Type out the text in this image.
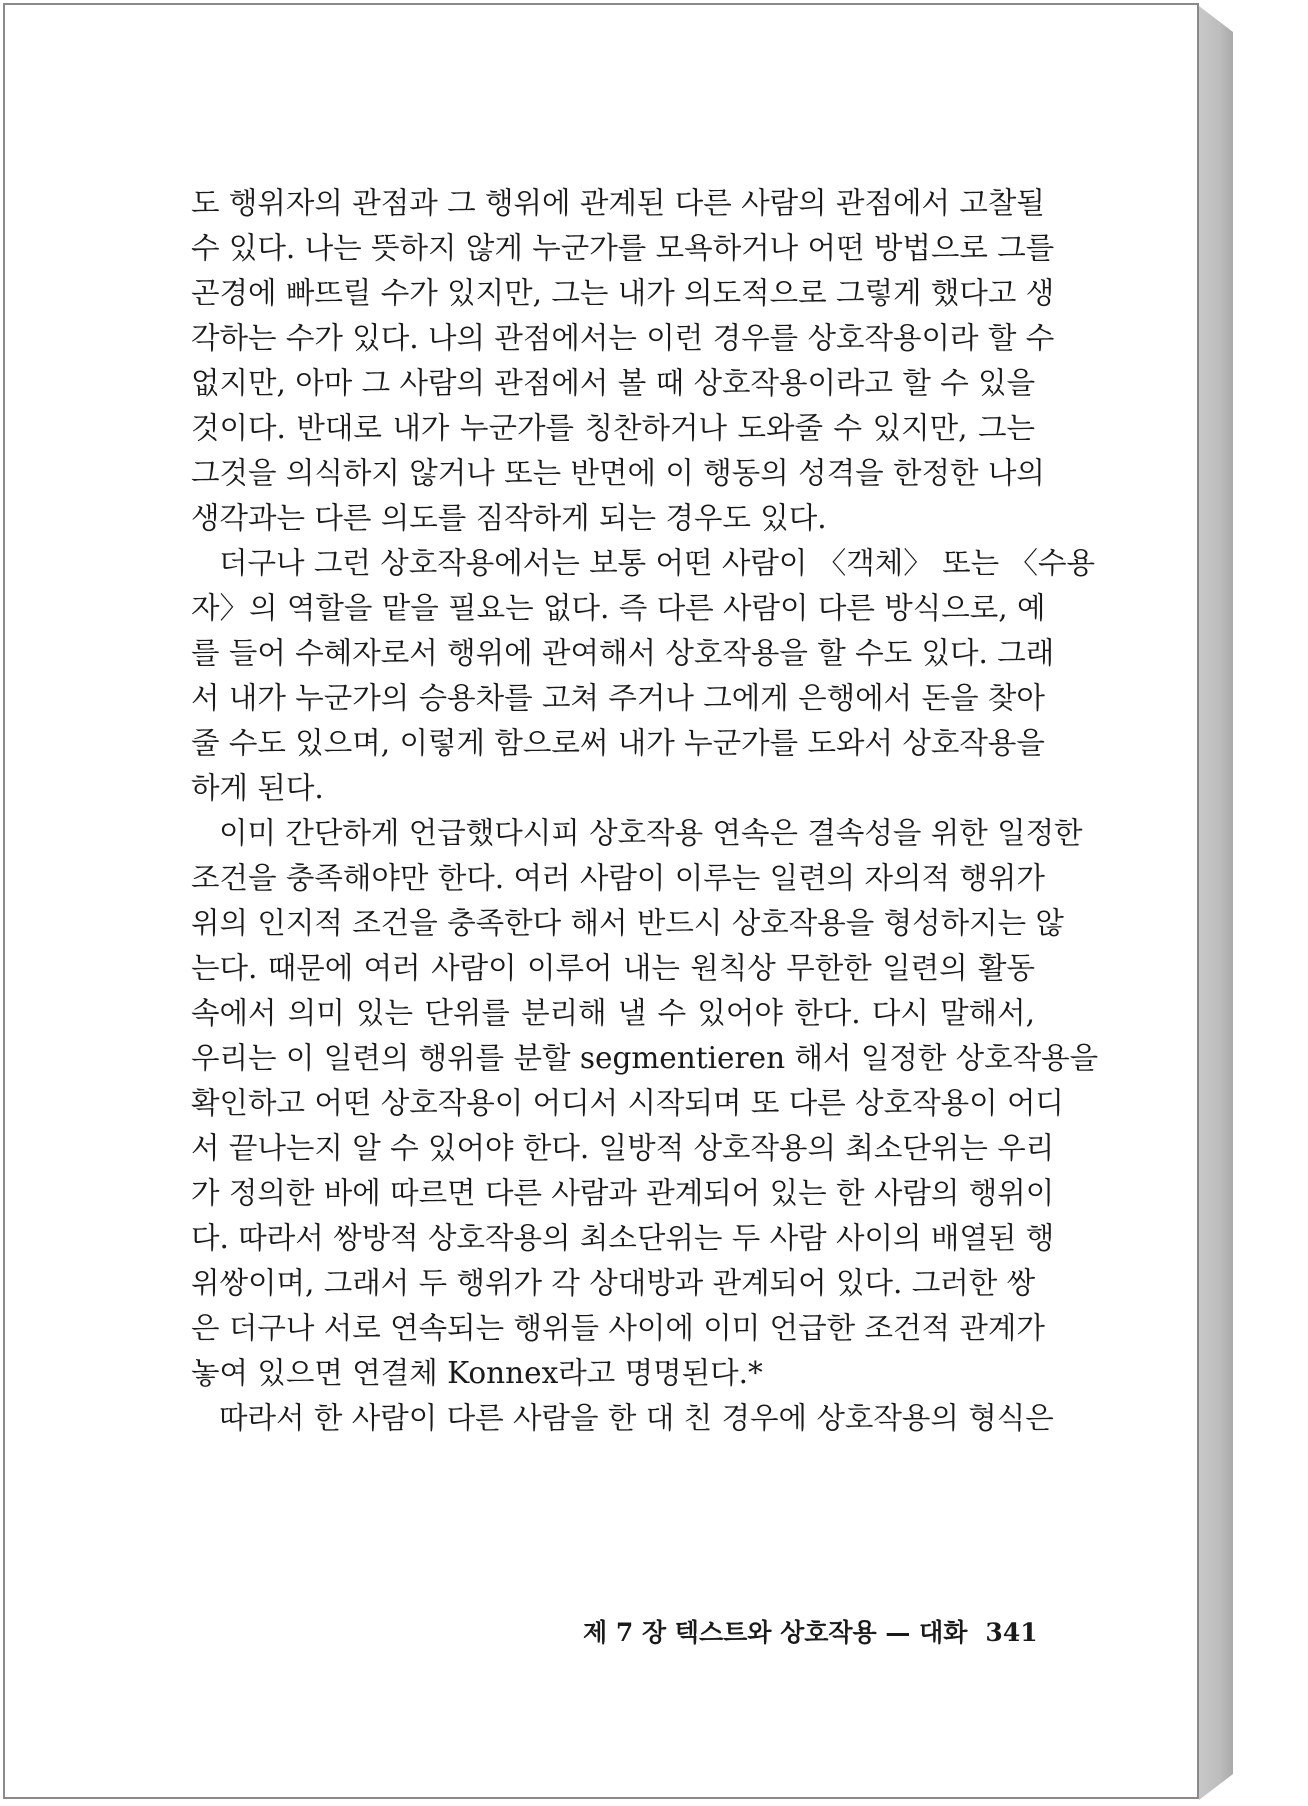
도 행위자의 관점과 그 행위에 관계된 다른 사람의 관점에서 고찰될
수 있다. 나는 뜻하지 않게 누군가를 모욕하거나 어떤 방법으로 그를
곤경에 빠뜨릴 수가 있지만, 그는 내가 의도적으로 그렇게 했다고 생
각하는 수가 있다. 나의 관점에서는 이런 경우를 상호작용이라 할 수
없지만, 아마 그 사람의 관점에서 볼 때 상호작용이라고 할 수 있을
것이다. 반대로 내가 누군가를 칭찬하거나 도와줄 수 있지만, 그는
그것을 의식하지 않거나 또는 반면에 이 행동의 성격을 한정한 나의
생각과는 다른 의도를 짐작하게 되는 경우도 있다.
더구나 그런 상호작용에서는 보통 어떤 사람이 〈객체〉 또는 〈수용
자〉의 역할을 맡을 필요는 없다. 즉 다른 사람이 다른 방식으로, 예
를 들어 수혜자로서 행위에 관여해서 상호작용을 할 수도 있다. 그래
서 내가 누군가의 승용차를 고쳐 주거나 그에게 은행에서 돈을 찾아
줄 수도 있으며, 이렇게 함으로써 내가 누군가를 도와서 상호작용을
하게 된다.
이미 간단하게 언급했다시피 상호작용 연속은 결속성을 위한 일정한
조건을 충족해야만 한다. 여러 사람이 이루는 일련의 자의적 행위가
위의 인지적 조건을 충족한다 해서 반드시 상호작용을 형성하지는 않
는다. 때문에 여러 사람이 이루어 내는 원칙상 무한한 일련의 활동
속에서 의미 있는 단위를 분리해 낼 수 있어야 한다. 다시 말해서,
우리는 이 일련의 행위를 분할 segmentieren 해서 일정한 상호작용을
확인하고 어떤 상호작용이 어디서 시작되며 또 다른 상호작용이 어디
서 끝나는지 알 수 있어야 한다. 일방적 상호작용의 최소단위는 우리
가 정의한 바에 따르면 다른 사람과 관계되어 있는 한 사람의 행위이
다. 따라서 쌍방적 상호작용의 최소단위는 두 사람 사이의 배열된 행
위쌍이며, 그래서 두 행위가 각 상대방과 관계되어 있다. 그러한 쌍
은 더구나 서로 연속되는 행위들 사이에 이미 언급한 조건적 관계가
놓여 있으면 연결체 Konnex라고 명명된다.*
따라서 한 사람이 다른 사람을 한 대 친 경우에 상호작용의 형식은
제 7 장 텍스트와 상호작용 — 대화 341
